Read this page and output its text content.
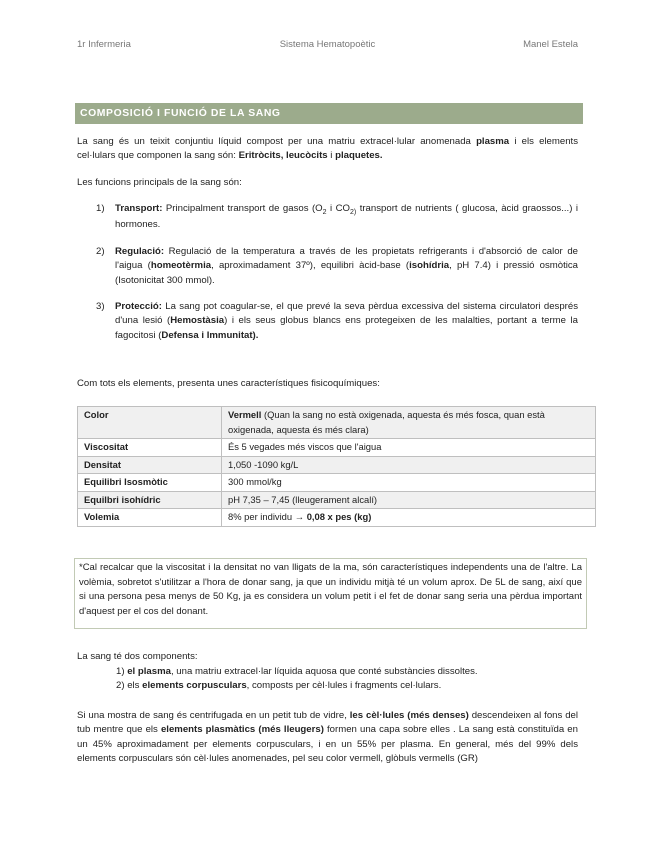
1r Infermeria	Sistema Hematopoètic	Manel Estela
COMPOSICIÓ I FUNCIÓ DE LA SANG

La sang és un teixit conjuntiu líquid compost per una matriu extracel·lular anomenada plasma i els elements cel·lulars que componen la sang són: Eritròcits, leucòcits i plaquetes.

Les funcions principals de la sang són:

1) Transport: Principalment transport de gasos ($O_2$ i $CO_{2)}$ transport de nutrients ( glucosa, àcid graossos...) i hormones.
2) Regulació: Regulació de la temperatura a través de les propietats refrigerants i d'absorció de calor de l'aigua (homeotèrmia, aproximadament 37º), equilibri àcid-base (isohídria, pH 7.4) i pressió osmòtica (Isotonicitat 300 mmol).
3) Protecció: La sang pot coagular-se, el que prevé la seva pèrdua excessiva del sistema circulatori després d'una lesió (Hemostàsia) i els seus globus blancs ens protegeixen de les malalties, portant a terme la fagocitosi (Defensa i Immunitat).

Com tots els elements, presenta unes característiques fisicoquímiques:

Color	Vermell (Quan la sang no està oxigenada, aquesta és més fosca, quan està oxigenada, aquesta és més clara)
Viscositat	És 5 vegades més viscos que l'aigua
Densitat	1,050 -1090 kg/L
Equilibri Isosmòtic	300 mmol/kg
Equilbri isohídric	pH 7,35 – 7,45 (lleugerament alcalí)
Volemia	8% per individu → 0,08 x pes (kg)
*Cal recalcar que la viscositat i la densitat no van lligats de la ma, són característiques independents una de l'altre. La volèmia, sobretot s'utilitzar a l'hora de donar sang, ja que un individu mitjà té un volum aprox. De 5L de sang, així que si una persona pesa menys de 50 Kg, ja es considera un volum petit i el fet de donar sang seria una pèrdua important d'aquest per el cos del donant.

La sang té dos components:

1) el plasma, una matriu extracel·lar líquida aquosa que conté substàncies dissoltes.
2) els elements corpusculars, composts per cèl·lules i fragments cel·lulars.

Si una mostra de sang és centrifugada en un petit tub de vidre, les cèl·lules (més denses) descendeixen al fons del tub mentre que els elements plasmàtics (més lleugers) formen una capa sobre elles . La sang està constituïda en un 45% aproximadament per elements corpusculars, i en un 55% per plasma. En general, més del 99% dels elements corpusculars són cèl·lules anomenades, pel seu color vermell, glòbuls vermells (GR)
